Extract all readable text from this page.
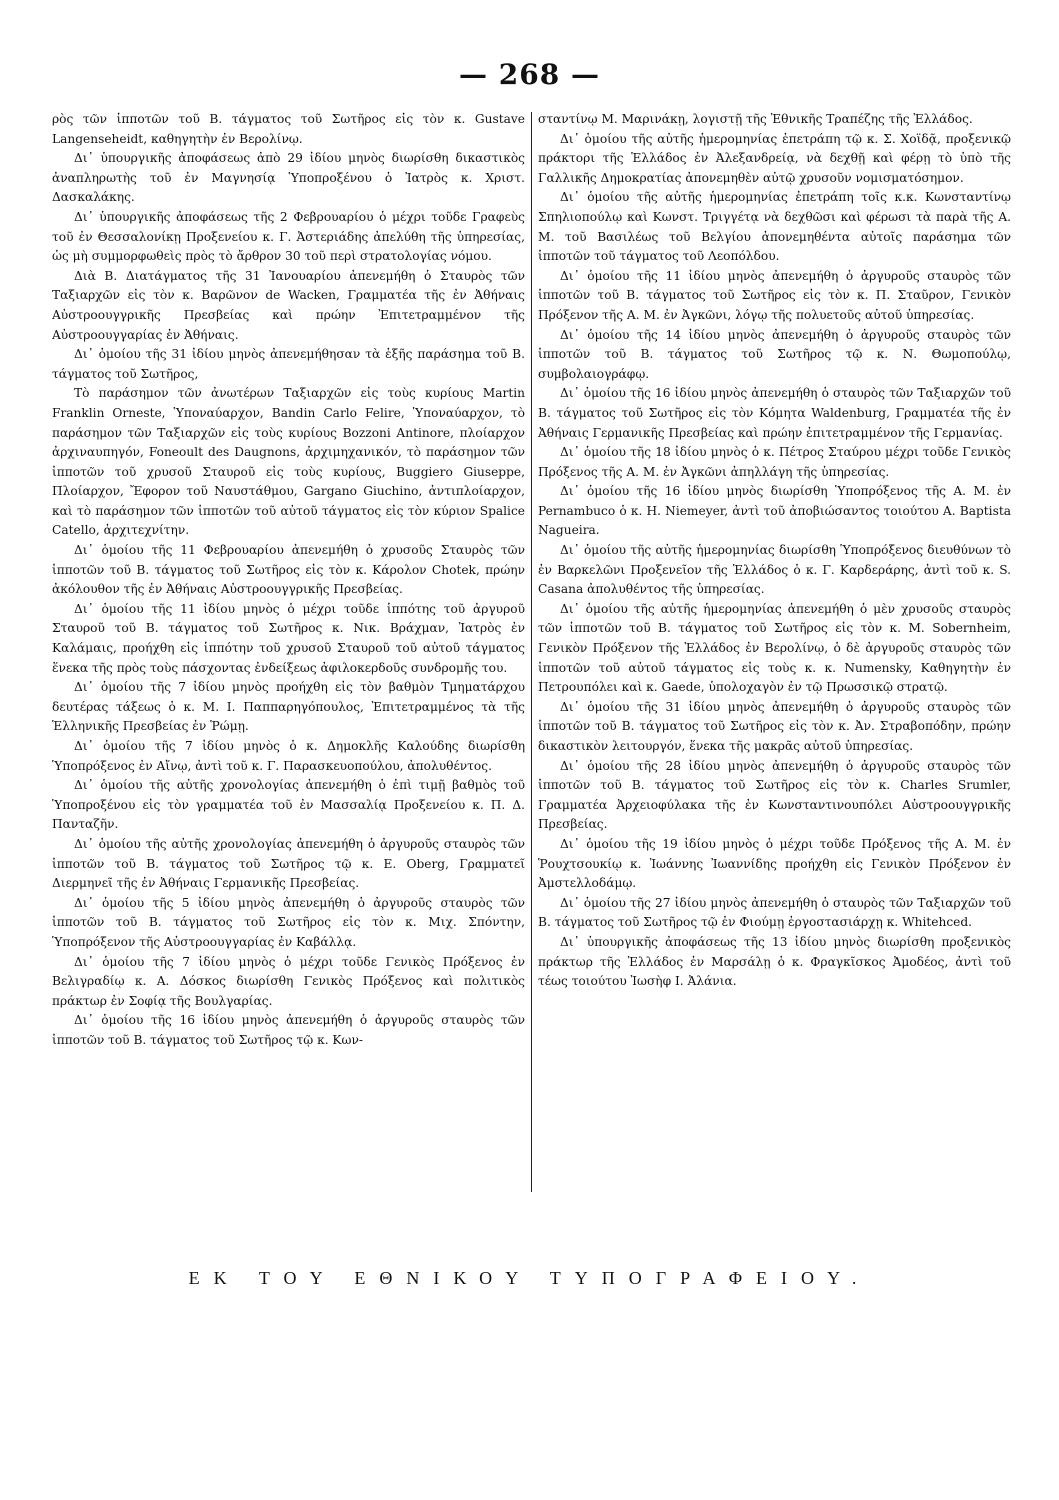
— 268 —

ρὸς τῶν ἱπποτῶν τοῦ Β. τάγματος τοῦ Σωτῆρος εἰς τὸν κ. Gustave Langenseheidt, καθηγητὴν ἐν Βερολίνῳ.

Δι᾽ ὑπουργικῆς ἀποφάσεως ἀπὸ 29 ἰδίου μηνὸς διωρίσθη δικαστικὸς ἀναπληρωτὴς τοῦ ἐν Μαγνησίᾳ Ὑποπροξένου ὁ Ἰατρὸς κ. Χριστ. Δασκαλάκης.

Δι᾽ ὑπουργικῆς ἀποφάσεως τῆς 2 Φεβρουαρίου ὁ μέχρι τοῦδε Γραφεὺς τοῦ ἐν Θεσσαλονίκῃ Προξενείου κ. Γ. Ἀστεριάδης ἀπελύθη τῆς ὑπηρεσίας, ὡς μὴ συμμορφωθεὶς πρὸς τὸ ἄρθρον 30 τοῦ περὶ στρατολογίας νόμου.

Διὰ Β. Διατάγματος τῆς 31 Ἰανουαρίου ἀπενεμήθη ὁ Σταυρὸς τῶν Ταξιαρχῶν εἰς τὸν κ. Βαρῶνον de Wacken, Γραμματέα τῆς ἐν Ἀθήναις Αὐστροουγγρικῆς Πρεσβείας καὶ πρώην Ἐπιτετραμμένον τῆς Αὐστροουγγαρίας ἐν Ἀθήναις.

Δι᾽ ὁμοίου τῆς 31 ἰδίου μηνὸς ἀπενεμήθησαν τὰ ἑξῆς παράσημα τοῦ Β. τάγματος τοῦ Σωτῆρος,

Τὸ παράσημον τῶν ἀνωτέρων Ταξιαρχῶν εἰς τοὺς κυρίους Martin Franklin Orneste, Ὑποναύαρχον, Bandin Carlo Felire, Ὑποναύαρχον, τὸ παράσημον τῶν Ταξιαρχῶν εἰς τοὺς κυρίους Bozzoni Antinore, πλοίαρχον ἀρχιναυπηγόν, Foneoult des Daugnons, ἀρχιμηχανικόν, τὸ παράσημον τῶν ἱπποτῶν τοῦ χρυσοῦ Σταυροῦ εἰς τοὺς κυρίους, Buggiero Giuseppe, Πλοίαρχον, Ἔφορον τοῦ Ναυστάθμου, Gargano Giuchino, ἀντιπλοίαρχον, καὶ τὸ παράσημον τῶν ἱπποτῶν τοῦ αὐτοῦ τάγματος εἰς τὸν κύριον Spalice Catello, ἀρχιτεχνίτην.

Δι᾽ ὁμοίου τῆς 11 Φεβρουαρίου ἀπενεμήθη ὁ χρυσοῦς Σταυρὸς τῶν ἱπποτῶν τοῦ Β. τάγματος τοῦ Σωτῆρος εἰς τὸν κ. Κάρολον Chotek, πρώην ἀκόλουθον τῆς ἐν Ἀθήναις Αὐστροουγγρικῆς Πρεσβείας.

Δι᾽ ὁμοίου τῆς 11 ἰδίου μηνὸς ὁ μέχρι τοῦδε ἱππότης τοῦ ἀργυροῦ Σταυροῦ τοῦ Β. τάγματος τοῦ Σωτῆρος κ. Νικ. Βράχμαν, Ἰατρὸς ἐν Καλάμαις, προήχθη εἰς ἱππότην τοῦ χρυσοῦ Σταυροῦ τοῦ αὐτοῦ τάγματος ἕνεκα τῆς πρὸς τοὺς πάσχοντας ἐνδείξεως ἀφιλοκερδοῦς συνδρομῆς του.

Δι᾽ ὁμοίου τῆς 7 ἰδίου μηνὸς προήχθη εἰς τὸν βαθμὸν Τμηματάρχου δευτέρας τάξεως ὁ κ. Μ. Ι. Παππαρηγόπουλος, Ἐπιτετραμμένος τὰ τῆς Ἑλληνικῆς Πρεσβείας ἐν Ῥώμῃ.

Δι᾽ ὁμοίου τῆς 7 ἰδίου μηνὸς ὁ κ. Δημοκλῆς Καλούδης διωρίσθη Ὑποπρόξενος ἐν Αἴνῳ, ἀντὶ τοῦ κ. Γ. Παρασκευοπούλου, ἀπολυθέντος.

Δι᾽ ὁμοίου τῆς αὐτῆς χρονολογίας ἀπενεμήθη ὁ ἐπὶ τιμῇ βαθμὸς τοῦ Ὑποπροξένου εἰς τὸν γραμματέα τοῦ ἐν Μασσαλίᾳ Προξενείου κ. Π. Δ. Πανταζῆν.

Δι᾽ ὁμοίου τῆς αὐτῆς χρονολογίας ἀπενεμήθη ὁ ἀργυροῦς σταυρὸς τῶν ἱπποτῶν τοῦ Β. τάγματος τοῦ Σωτῆρος τῷ κ. E. Oberg, Γραμματεῖ Διερμηνεῖ τῆς ἐν Ἀθήναις Γερμανικῆς Πρεσβείας.

Δι᾽ ὁμοίου τῆς 5 ἰδίου μηνὸς ἀπενεμήθη ὁ ἀργυροῦς σταυρὸς τῶν ἱπποτῶν τοῦ Β. τάγματος τοῦ Σωτῆρος εἰς τὸν κ. Μιχ. Σπόντην, Ὑποπρόξενον τῆς Αὐστροουγγαρίας ἐν Καβάλλᾳ.

Δι᾽ ὁμοίου τῆς 7 ἰδίου μηνὸς ὁ μέχρι τοῦδε Γενικὸς Πρόξενος ἐν Βελιγραδίῳ κ. Α. Δόσκος διωρίσθη Γενικὸς Πρόξενος καὶ πολιτικὸς πράκτωρ ἐν Σοφίᾳ τῆς Βουλγαρίας.

Δι᾽ ὁμοίου τῆς 16 ἰδίου μηνὸς ἀπενεμήθη ὁ ἀργυροῦς σταυρὸς τῶν ἱπποτῶν τοῦ Β. τάγματος τοῦ Σωτῆρος τῷ κ. Κων-

σταντίνῳ Μ. Μαρινάκῃ, λογιστῇ τῆς Ἐθνικῆς Τραπέζης τῆς Ἑλλάδος.

Δι᾽ ὁμοίου τῆς αὐτῆς ἡμερομηνίας ἐπετράπη τῷ κ. Σ. Χοϊδᾷ, προξενικῷ πράκτορι τῆς Ἑλλάδος ἐν Ἀλεξανδρείᾳ, νὰ δεχθῇ καὶ φέρῃ τὸ ὑπὸ τῆς Γαλλικῆς Δημοκρατίας ἀπονεμηθὲν αὐτῷ χρυσοῦν νομισματόσημον.

Δι᾽ ὁμοίου τῆς αὐτῆς ἡμερομηνίας ἐπετράπη τοῖς κ.κ. Κωνσταντίνῳ Σπηλιοπούλῳ καὶ Κωνστ. Τριγγέτᾳ νὰ δεχθῶσι καὶ φέρωσι τὰ παρὰ τῆς Α. Μ. τοῦ Βασιλέως τοῦ Βελγίου ἀπονεμηθέντα αὐτοῖς παράσημα τῶν ἱπποτῶν τοῦ τάγματος τοῦ Λεοπόλδου.

Δι᾽ ὁμοίου τῆς 11 ἰδίου μηνὸς ἀπενεμήθη ὁ ἀργυροῦς σταυρὸς τῶν ἱπποτῶν τοῦ Β. τάγματος τοῦ Σωτῆρος εἰς τὸν κ. Π. Σταῦρον, Γενικὸν Πρόξενον τῆς Α. Μ. ἐν Ἀγκῶνι, λόγῳ τῆς πολυετοῦς αὐτοῦ ὑπηρεσίας.

Δι᾽ ὁμοίου τῆς 14 ἰδίου μηνὸς ἀπενεμήθη ὁ ἀργυροῦς σταυρὸς τῶν ἱπποτῶν τοῦ Β. τάγματος τοῦ Σωτῆρος τῷ κ. Ν. Θωμοπούλῳ, συμβολαιογράφῳ.

Δι᾽ ὁμοίου τῆς 16 ἰδίου μηνὸς ἀπενεμήθη ὁ σταυρὸς τῶν Ταξιαρχῶν τοῦ Β. τάγματος τοῦ Σωτῆρος εἰς τὸν Κόμητα Waldenburg, Γραμματέα τῆς ἐν Ἀθήναις Γερμανικῆς Πρεσβείας καὶ πρώην ἐπιτετραμμένον τῆς Γερμανίας.

Δι᾽ ὁμοίου τῆς 18 ἰδίου μηνὸς ὁ κ. Πέτρος Σταύρου μέχρι τοῦδε Γενικὸς Πρόξενος τῆς Α. Μ. ἐν Ἀγκῶνι ἀπηλλάγη τῆς ὑπηρεσίας.

Δι᾽ ὁμοίου τῆς 16 ἰδίου μηνὸς διωρίσθη Ὑποπρόξενος τῆς Α. Μ. ἐν Pernambuco ὁ κ. H. Niemeyer, ἀντὶ τοῦ ἀποβιώσαντος τοιούτου A. Baptista Nagueira.

Δι᾽ ὁμοίου τῆς αὐτῆς ἡμερομηνίας διωρίσθη Ὑποπρόξενος διευθύνων τὸ ἐν Βαρκελῶνι Προξενεῖον τῆς Ἑλλάδος ὁ κ. Γ. Καρδεράρης, ἀντὶ τοῦ κ. S. Casana ἀπολυθέντος τῆς ὑπηρεσίας.

Δι᾽ ὁμοίου τῆς αὐτῆς ἡμερομηνίας ἀπενεμήθη ὁ μὲν χρυσοῦς σταυρὸς τῶν ἱπποτῶν τοῦ Β. τάγματος τοῦ Σωτῆρος εἰς τὸν κ. M. Sobernheim, Γενικὸν Πρόξενον τῆς Ἑλλάδος ἐν Βερολίνῳ, ὁ δὲ ἀργυροῦς σταυρὸς τῶν ἱπποτῶν τοῦ αὐτοῦ τάγματος εἰς τοὺς κ. κ. Numensky, Καθηγητὴν ἐν Πετρουπόλει καὶ κ. Gaede, ὑπολοχαγὸν ἐν τῷ Πρωσσικῷ στρατῷ.

Δι᾽ ὁμοίου τῆς 31 ἰδίου μηνὸς ἀπενεμήθη ὁ ἀργυροῦς σταυρὸς τῶν ἱπποτῶν τοῦ Β. τάγματος τοῦ Σωτῆρος εἰς τὸν κ. Ἀν. Στραβοπόδην, πρώην δικαστικὸν λειτουργόν, ἕνεκα τῆς μακρᾶς αὐτοῦ ὑπηρεσίας.

Δι᾽ ὁμοίου τῆς 28 ἰδίου μηνὸς ἀπενεμήθη ὁ ἀργυροῦς σταυρὸς τῶν ἱπποτῶν τοῦ Β. τάγματος τοῦ Σωτῆρος εἰς τὸν κ. Charles Srumler, Γραμματέα Ἀρχειοφύλακα τῆς ἐν Κωνσταντινουπόλει Αὐστροουγγρικῆς Πρεσβείας.

Δι᾽ ὁμοίου τῆς 19 ἰδίου μηνὸς ὁ μέχρι τοῦδε Πρόξενος τῆς Α. Μ. ἐν Ῥουχτσουκίῳ κ. Ἰωάννης Ἰωαννίδης προήχθη εἰς Γενικὸν Πρόξενον ἐν Ἀμστελλοδάμῳ.

Δι᾽ ὁμοίου τῆς 27 ἰδίου μηνὸς ἀπενεμήθη ὁ σταυρὸς τῶν Ταξιαρχῶν τοῦ Β. τάγματος τοῦ Σωτῆρος τῷ ἐν Φιούμῃ ἐργοστασιάρχῃ κ. Whitehced.

Δι᾽ ὑπουργικῆς ἀποφάσεως τῆς 13 ἰδίου μηνὸς διωρίσθη προξενικὸς πράκτωρ τῆς Ἑλλάδος ἐν Μαρσάλῃ ὁ κ. Φραγκῖσκος Ἀμοδέος, ἀντὶ τοῦ τέως τοιούτου Ἰωσὴφ Ι. Ἀλάνια.

ΕΚ ΤΟΥ ΕΘΝΙΚΟΥ ΤΥΠΟΓΡΑΦΕΙΟΥ.
